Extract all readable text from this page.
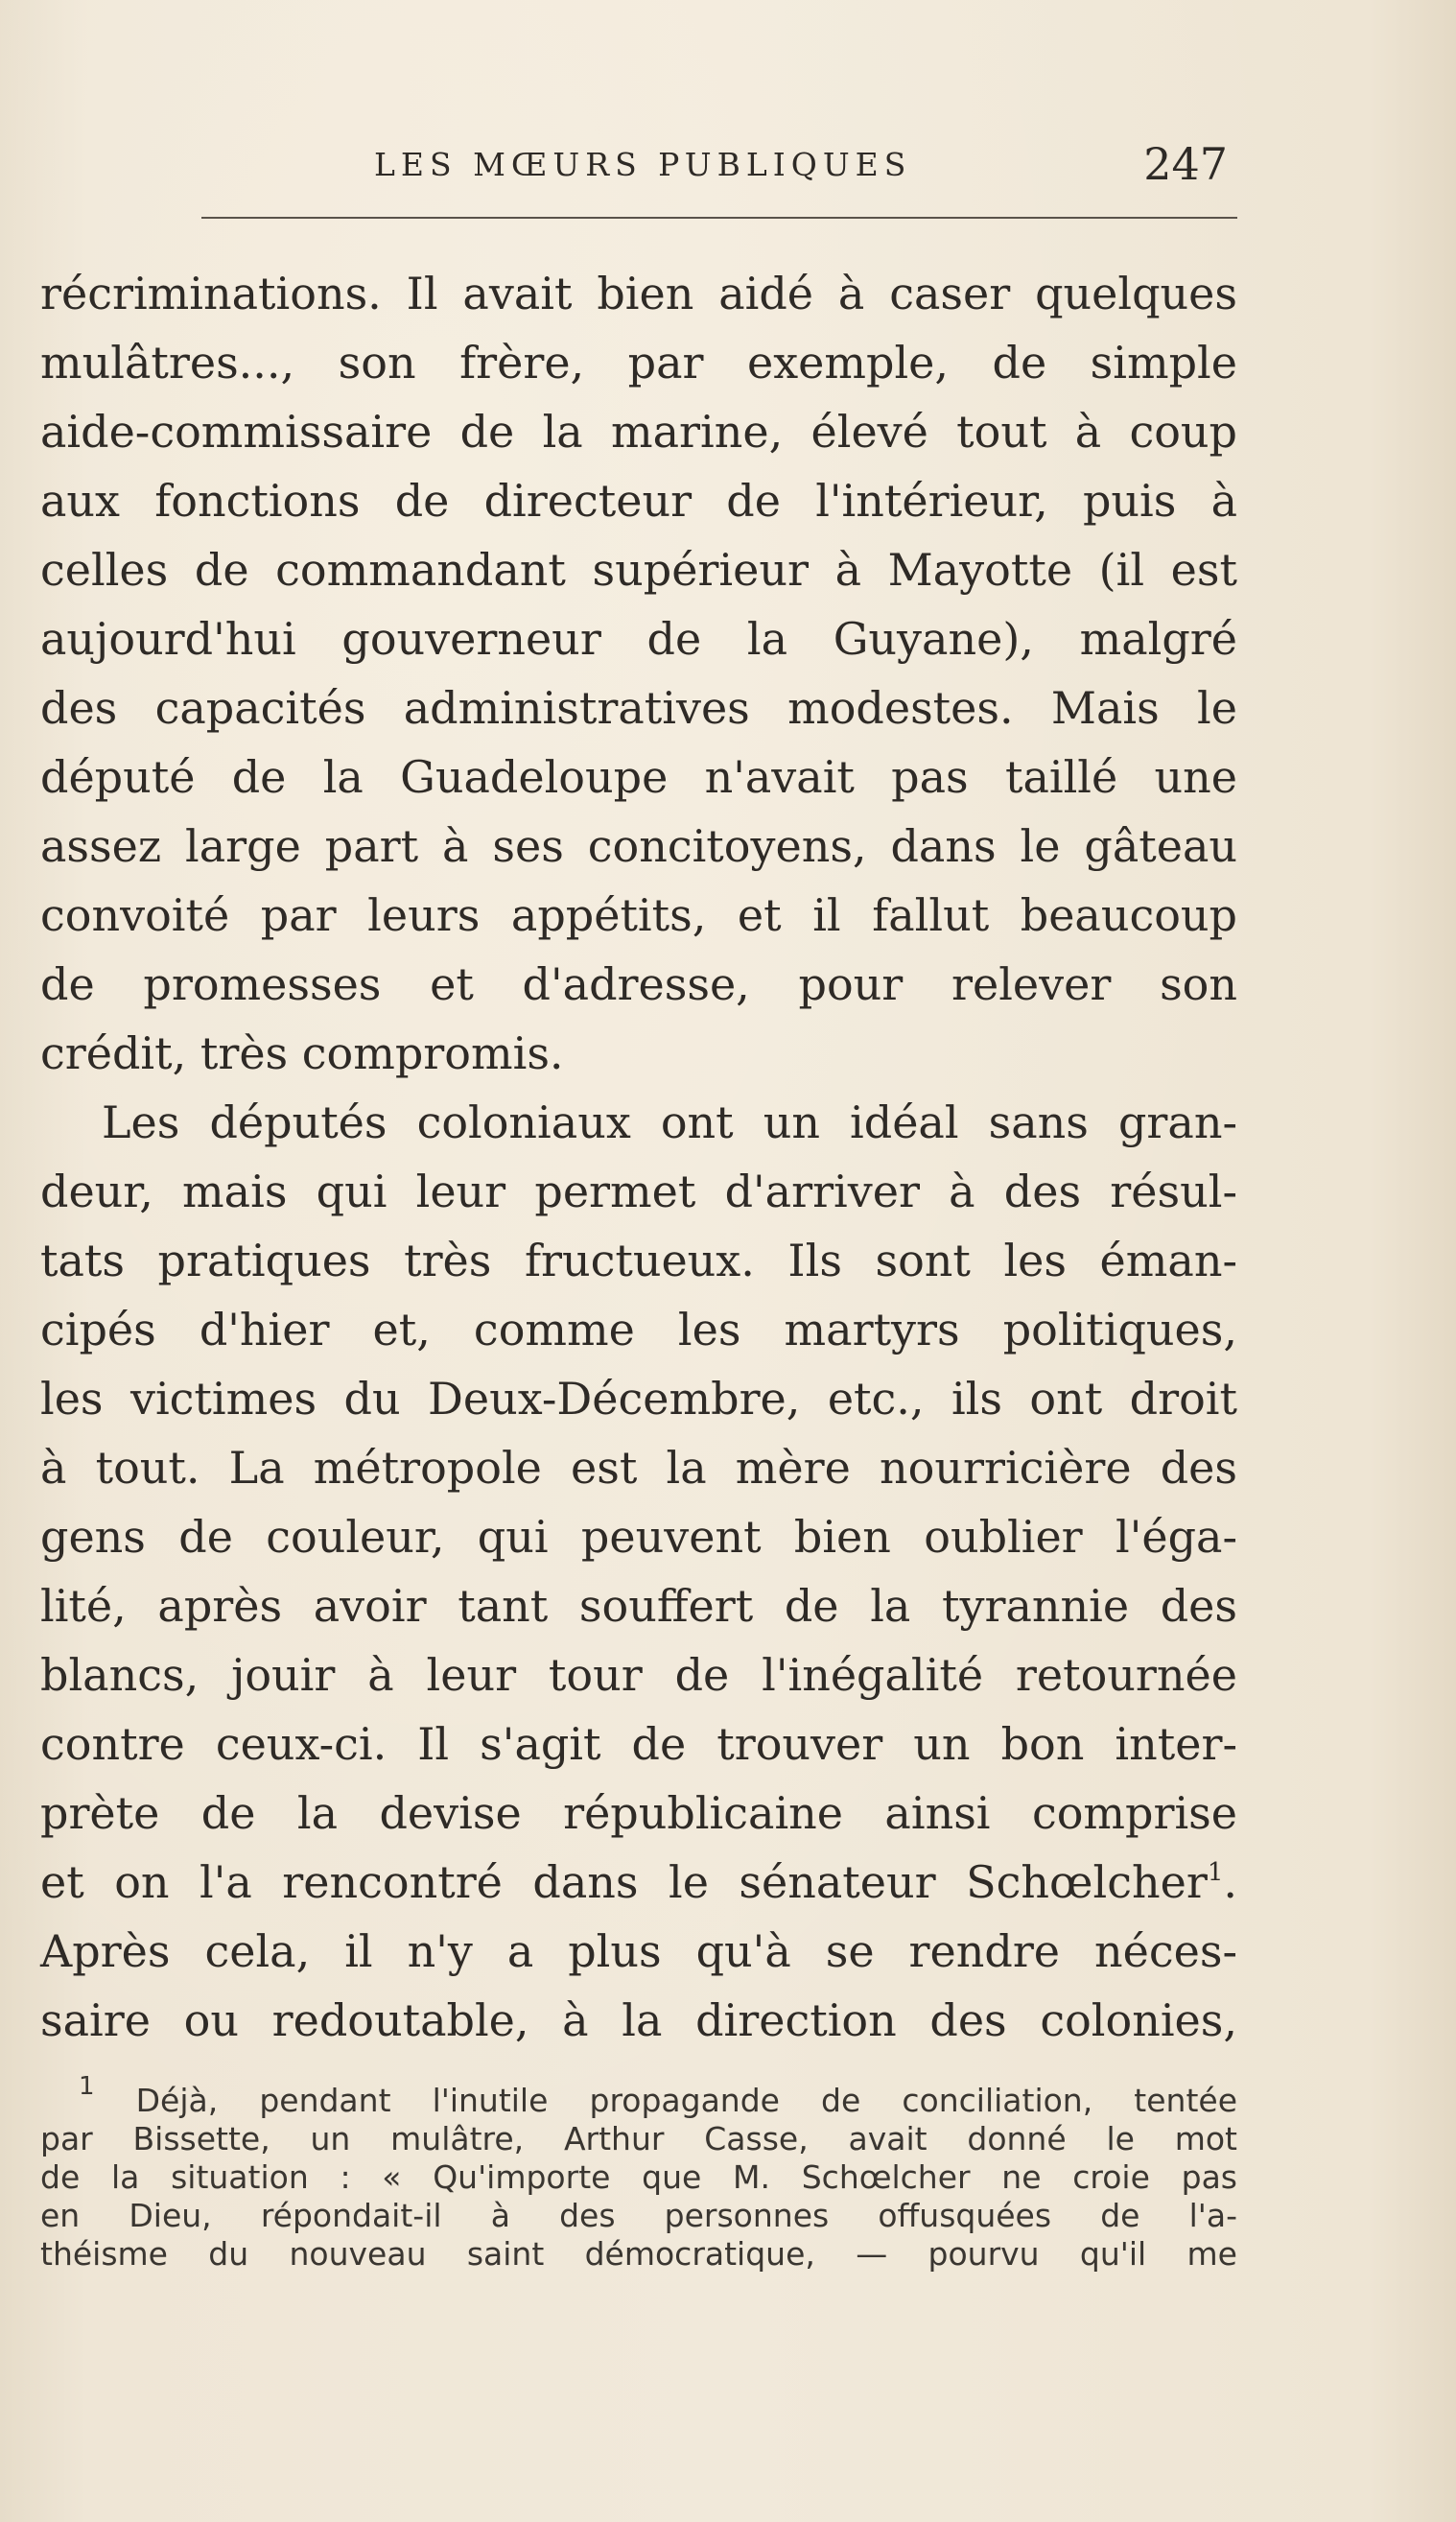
LES MŒURS PUBLIQUES	247
récriminations. Il avait bien aidé à caser quelques
mulâtres..., son frère, par exemple, de simple
aide-commissaire de la marine, élevé tout à coup
aux fonctions de directeur de l'intérieur, puis à
celles de commandant supérieur à Mayotte (il est
aujourd'hui gouverneur de la Guyane), malgré
des capacités administratives modestes. Mais le
député de la Guadeloupe n'avait pas taillé une
assez large part à ses concitoyens, dans le gâteau
convoité par leurs appétits, et il fallut beaucoup
de promesses et d'adresse, pour relever son
crédit, très compromis.
Les députés coloniaux ont un idéal sans gran-
deur, mais qui leur permet d'arriver à des résul-
tats pratiques très fructueux. Ils sont les éman-
cipés d'hier et, comme les martyrs politiques,
les victimes du Deux-Décembre, etc., ils ont droit
à tout. La métropole est la mère nourricière des
gens de couleur, qui peuvent bien oublier l'éga-
lité, après avoir tant souffert de la tyrannie des
blancs, jouir à leur tour de l'inégalité retournée
contre ceux-ci. Il s'agit de trouver un bon inter-
prète de la devise républicaine ainsi comprise
et on l'a rencontré dans le sénateur Schœlcher$^1$.
Après cela, il n'y a plus qu'à se rendre néces-
saire ou redoutable, à la direction des colonies,
$^1$ Déjà, pendant l'inutile propagande de conciliation, tentée
par Bissette, un mulâtre, Arthur Casse, avait donné le mot
de la situation : « Qu'importe que M. Schœlcher ne croie pas
en Dieu, répondait-il à des personnes offusquées de l'a-
théisme du nouveau saint démocratique, — pourvu qu'il me
